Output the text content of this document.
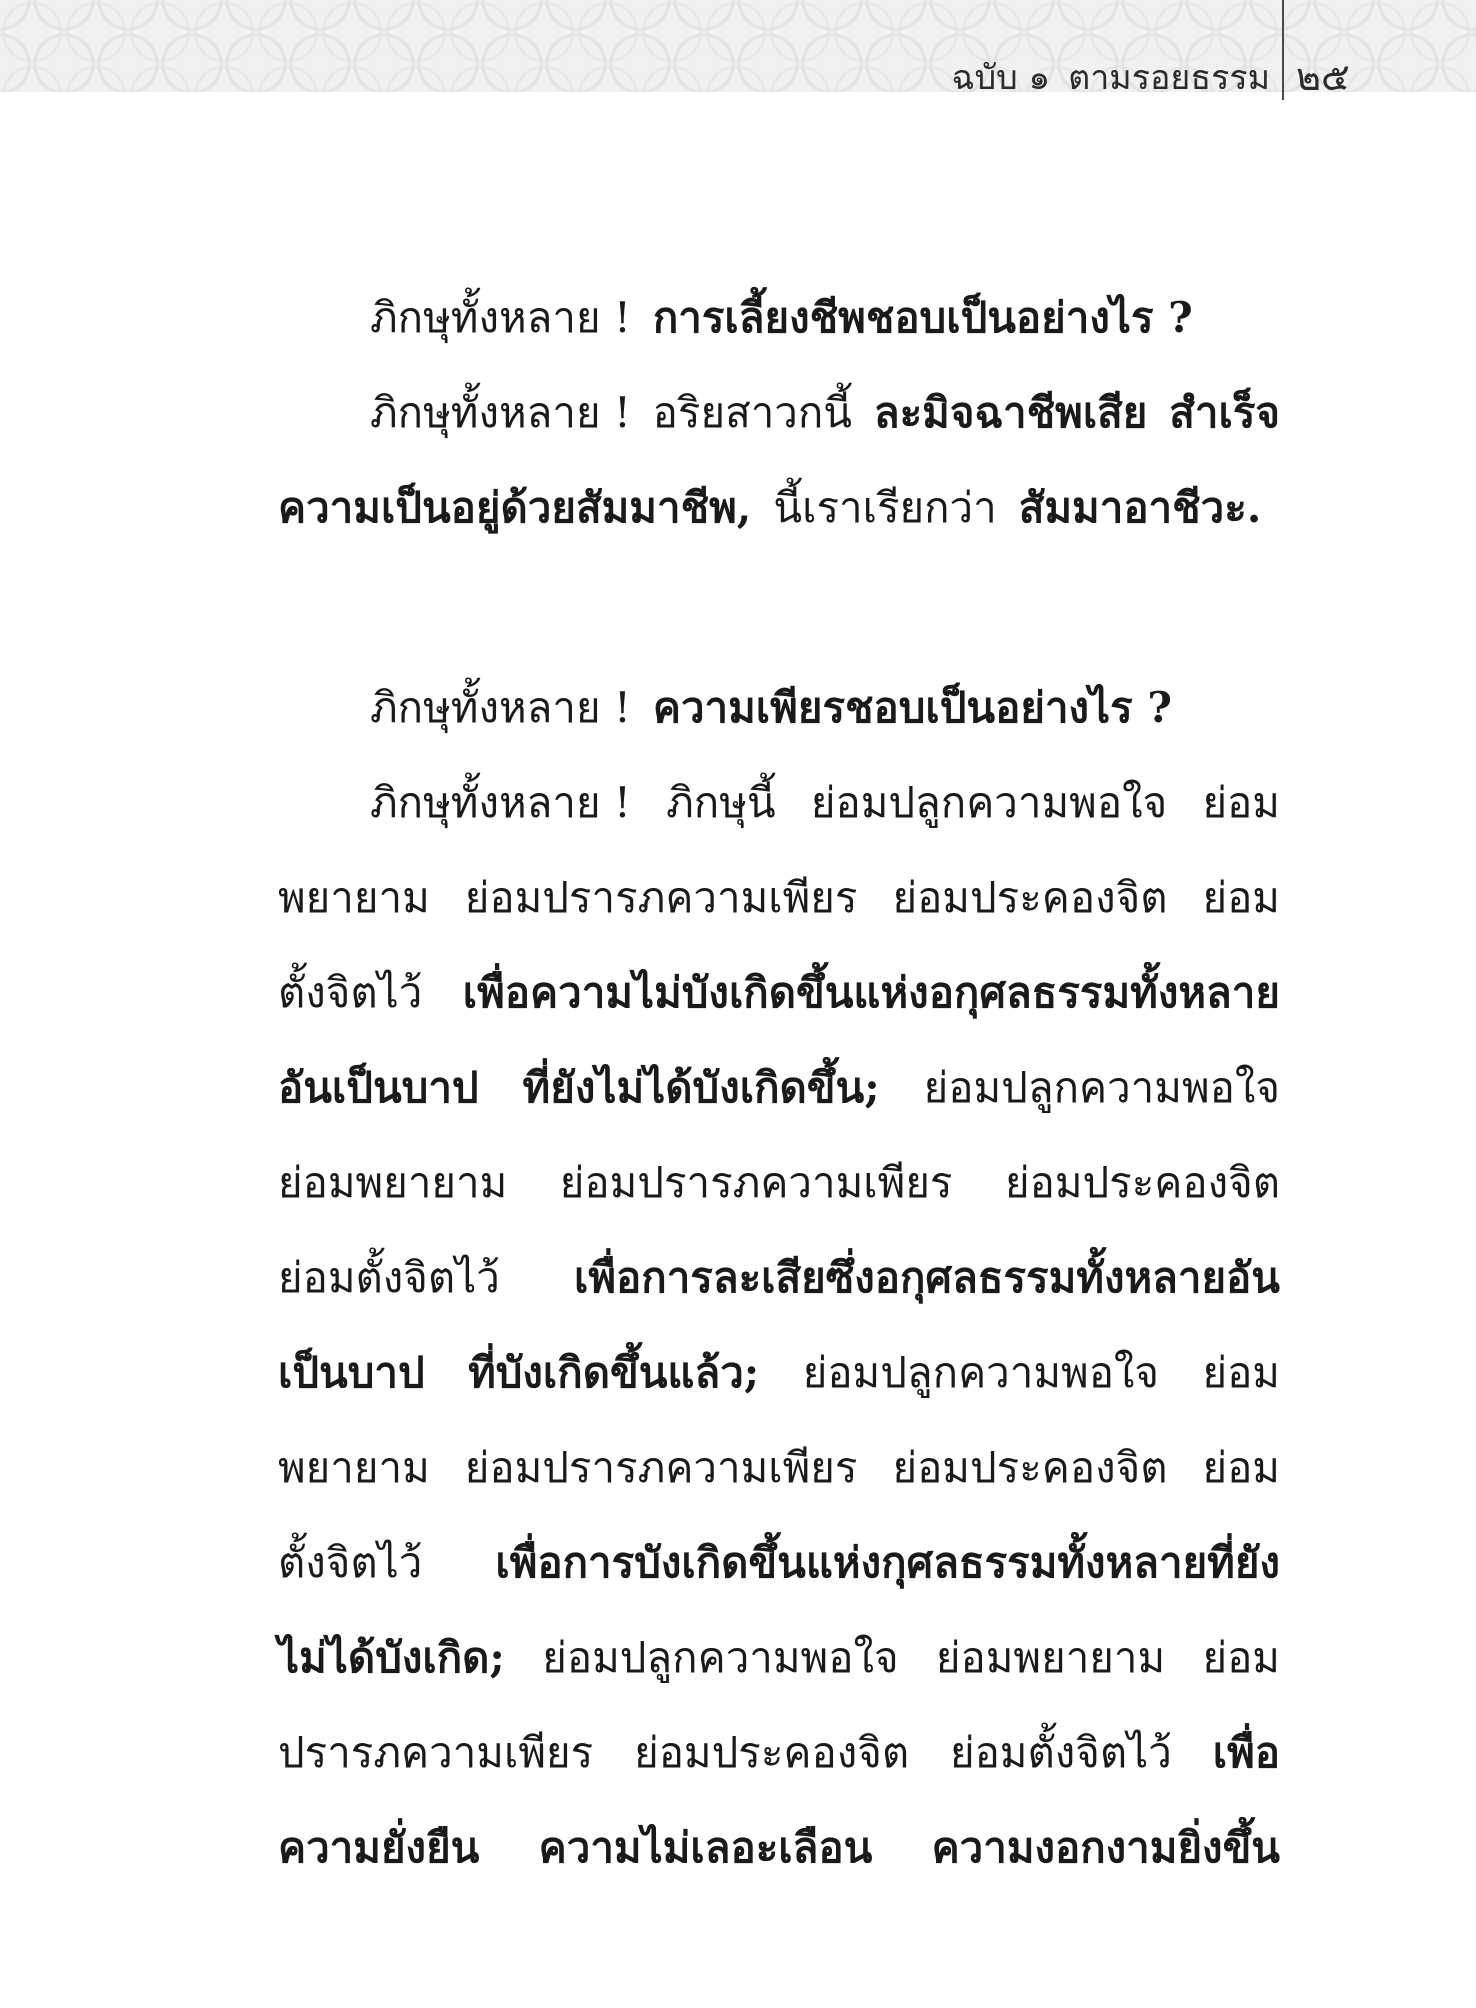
ฉบับ ๑ ตามรอยธรรม ๒๕
ภิกษุทั้งหลาย ! การเลี้ยงชีพชอบเป็นอย่างไร ?
ภิกษุทั้งหลาย ! อริยสาวกนี้ ละมิจฉาชีพเสีย สำเร็จ
ความเป็นอยู่ด้วยสัมมาชีพ, นี้เราเรียกว่า สัมมาอาชีวะ.
ภิกษุทั้งหลาย ! ความเพียรชอบเป็นอย่างไร ?
ภิกษุทั้งหลาย ! ภิกษุนี้ ย่อมปลูกความพอใจ ย่อม
พยายาม ย่อมปรารภความเพียร ย่อมประคองจิต ย่อม
ตั้งจิตไว้ เพื่อความไม่บังเกิดขึ้นแห่งอกุศลธรรมทั้งหลาย
อันเป็นบาป ที่ยังไม่ได้บังเกิดขึ้น; ย่อมปลูกความพอใจ
ย่อมพยายาม ย่อมปรารภความเพียร ย่อมประคองจิต
ย่อมตั้งจิตไว้ เพื่อการละเสียซึ่งอกุศลธรรมทั้งหลายอัน
เป็นบาป ที่บังเกิดขึ้นแล้ว; ย่อมปลูกความพอใจ ย่อม
พยายาม ย่อมปรารภความเพียร ย่อมประคองจิต ย่อม
ตั้งจิตไว้ เพื่อการบังเกิดขึ้นแห่งกุศลธรรมทั้งหลายที่ยัง
ไม่ได้บังเกิด; ย่อมปลูกความพอใจ ย่อมพยายาม ย่อม
ปรารภความเพียร ย่อมประคองจิต ย่อมตั้งจิตไว้ เพื่อ
ความยั่งยืน ความไม่เลอะเลือน ความงอกงามยิ่งขึ้น
